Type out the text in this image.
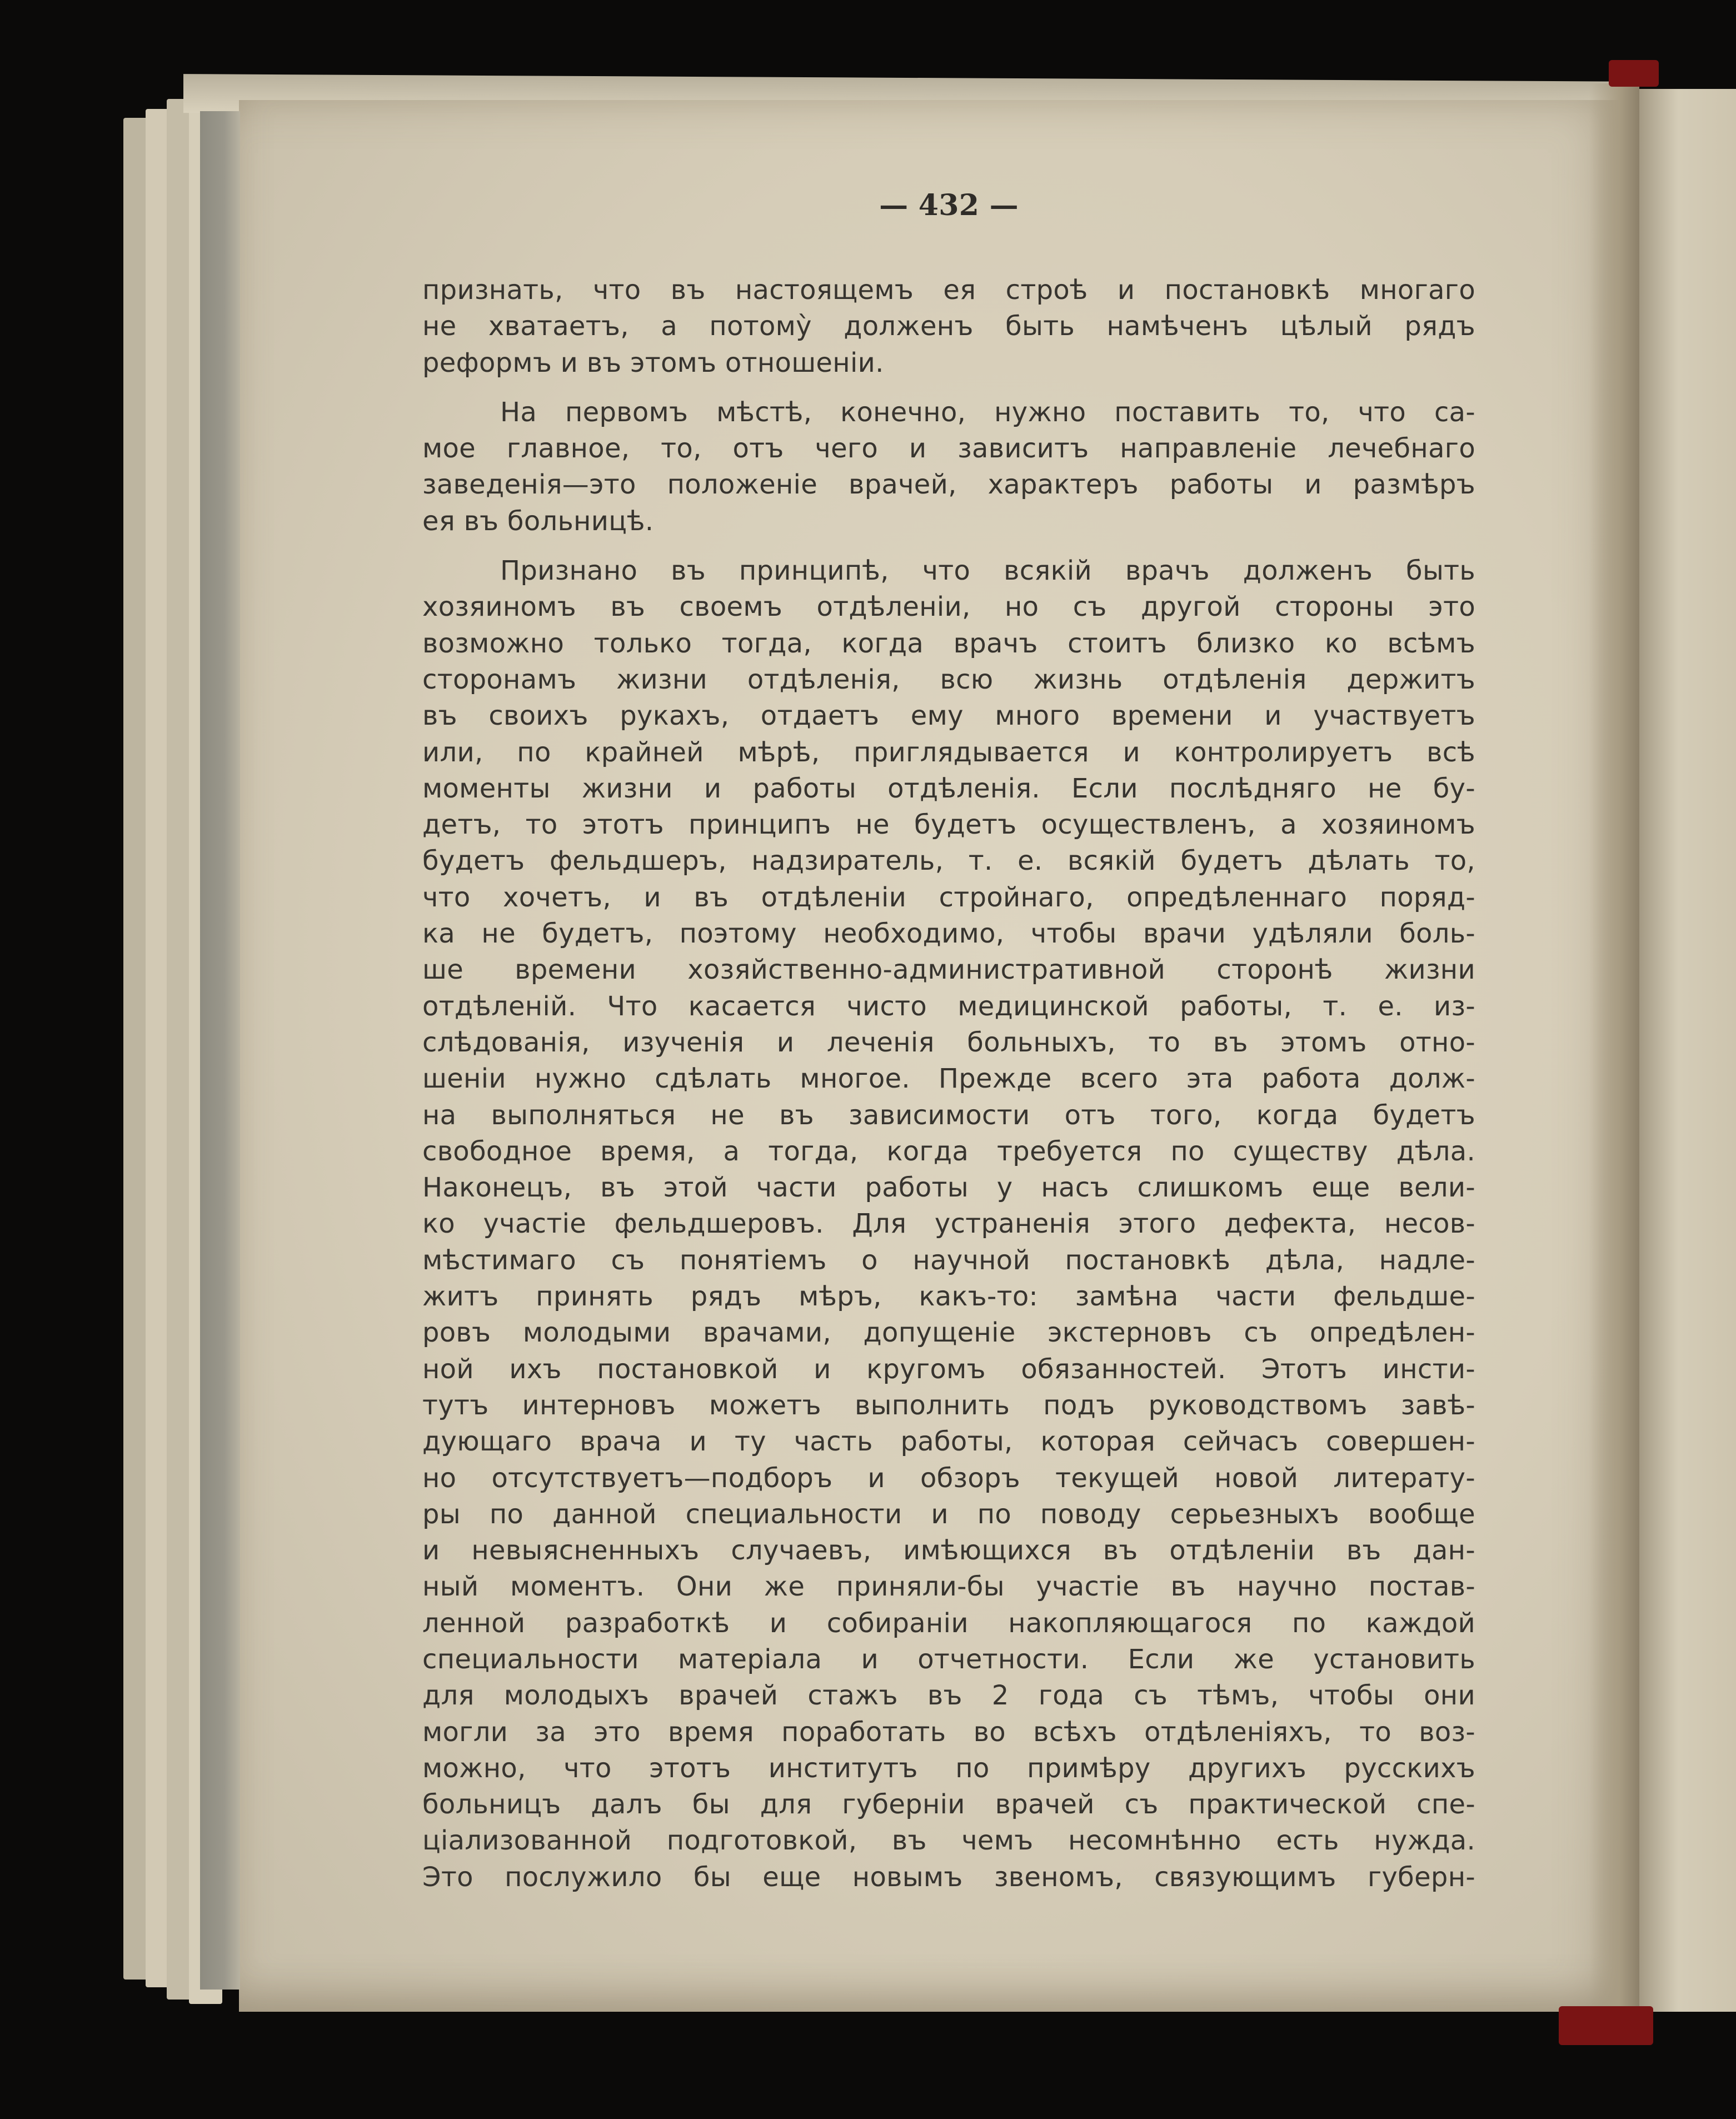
— 432 —

признать, что въ настоящемъ ея строѣ и постановкѣ многаго
не хватаетъ, а потому̀ долженъ быть намѣченъ цѣлый рядъ
реформъ и въ этомъ отношенiи.

На первомъ мѣстѣ, конечно, нужно поставить то, что са-
мое главное, то, отъ чего и зависитъ направленiе лечебнаго
заведенiя—это положенiе врачей, характеръ работы и размѣръ
ея въ больницѣ.

Признано въ принципѣ, что всякiй врачъ долженъ быть
хозяиномъ въ своемъ отдѣленiи, но съ другой стороны это
возможно только тогда, когда врачъ стоитъ близко ко всѣмъ
сторонамъ жизни отдѣленiя, всю жизнь отдѣленiя держитъ
въ своихъ рукахъ, отдаетъ ему много времени и участвуетъ
или, по крайней мѣрѣ, приглядывается и контролируетъ всѣ
моменты жизни и работы отдѣленiя. Если послѣдняго не бу-
детъ, то этотъ принципъ не будетъ осуществленъ, а хозяиномъ
будетъ фельдшеръ, надзиратель, т. е. всякiй будетъ дѣлать то,
что хочетъ, и въ отдѣленiи стройнаго, опредѣленнаго поряд-
ка не будетъ, поэтому необходимо, чтобы врачи удѣляли боль-
ше времени хозяйственно-административной сторонѣ жизни
отдѣленiй. Что касается чисто медицинской работы, т. е. из-
слѣдованiя, изученiя и леченiя больныхъ, то въ этомъ отно-
шенiи нужно сдѣлать многое. Прежде всего эта работа долж-
на выполняться не въ зависимости отъ того, когда будетъ
свободное время, а тогда, когда требуется по существу дѣла.
Наконецъ, въ этой части работы у насъ слишкомъ еще вели-
ко участiе фельдшеровъ. Для устраненiя этого дефекта, несов-
мѣстимаго съ понятiемъ о научной постановкѣ дѣла, надле-
житъ принять рядъ мѣръ, какъ-то: замѣна части фельдше-
ровъ молодыми врачами, допущенiе экстерновъ съ опредѣлен-
ной ихъ постановкой и кругомъ обязанностей. Этотъ инсти-
тутъ интерновъ можетъ выполнить подъ руководствомъ завѣ-
дующаго врача и ту часть работы, которая сейчасъ совершен-
но отсутствуетъ—подборъ и обзоръ текущей новой литерату-
ры по данной специальности и по поводу серьезныхъ вообще
и невыясненныхъ случаевъ, имѣющихся въ отдѣленiи въ дан-
ный моментъ. Они же приняли-бы участiе въ научно постав-
ленной разработкѣ и собиранiи накопляющагося по каждой
специальности матерiала и отчетности. Если же установить
для молодыхъ врачей стажъ въ 2 года съ тѣмъ, чтобы они
могли за это время поработать во всѣхъ отдѣленiяхъ, то воз-
можно, что этотъ институтъ по примѣру другихъ русскихъ
больницъ далъ бы для губернiи врачей съ практической спе-
цiализованной подготовкой, въ чемъ несомнѣнно есть нужда.
Это послужило бы еще новымъ звеномъ, связующимъ губерн-
